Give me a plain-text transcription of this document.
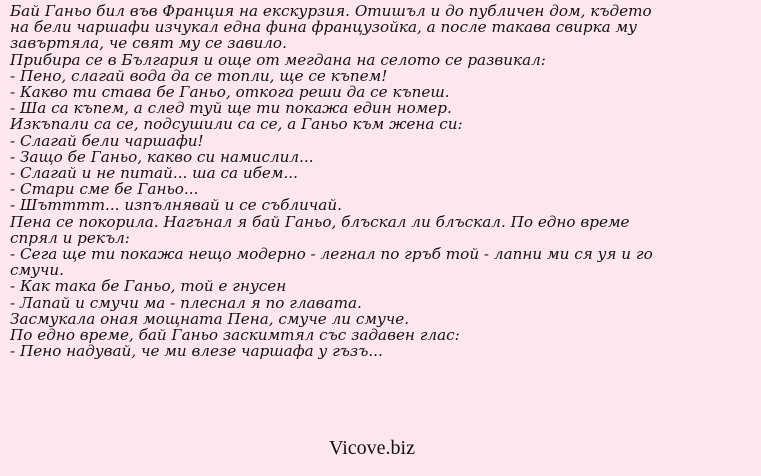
Бай Ганьо бил във Франция на екскурзия. Отишъл и до публичен дом, където
на бели чаршафи изчукал една фина французойка, а после такава свирка му
завъртяла, че свят му се завило.
Прибира се в България и още от мегдана на селото се развикал:
- Пено, слагай вода да се топли, ще се къпем!
- Какво ти става бе Ганьо, откога реши да се къпеш.
- Ша са къпем, а след туй ще ти покажа един номер.
Изкъпали са се, подсушили са се, а Ганьо към жена си:
- Слагай бели чаршафи!
- Защо бе Ганьо, какво си намислил...
- Слагай и не питай... ша са ибем...
- Стари сме бе Ганьо...
- Шътттт... изпълнявай и се събличай.
Пена се покорила. Нагънал я бай Ганьо, блъскал ли блъскал. По едно време
спрял и рекъл:
- Сега ще ти покажа нещо модерно - легнал по гръб той - лапни ми ся уя и го
смучи.
- Как така бе Ганьо, той е гнусен
- Лапай и смучи ма - плеснал я по главата.
Засмукала оная мощната Пена, смуче ли смуче.
По едно време, бай Ганьо заскимтял със задавен глас:
- Пено надувай, че ми влезе чаршафа у гъзъ...
Vicove.biz
